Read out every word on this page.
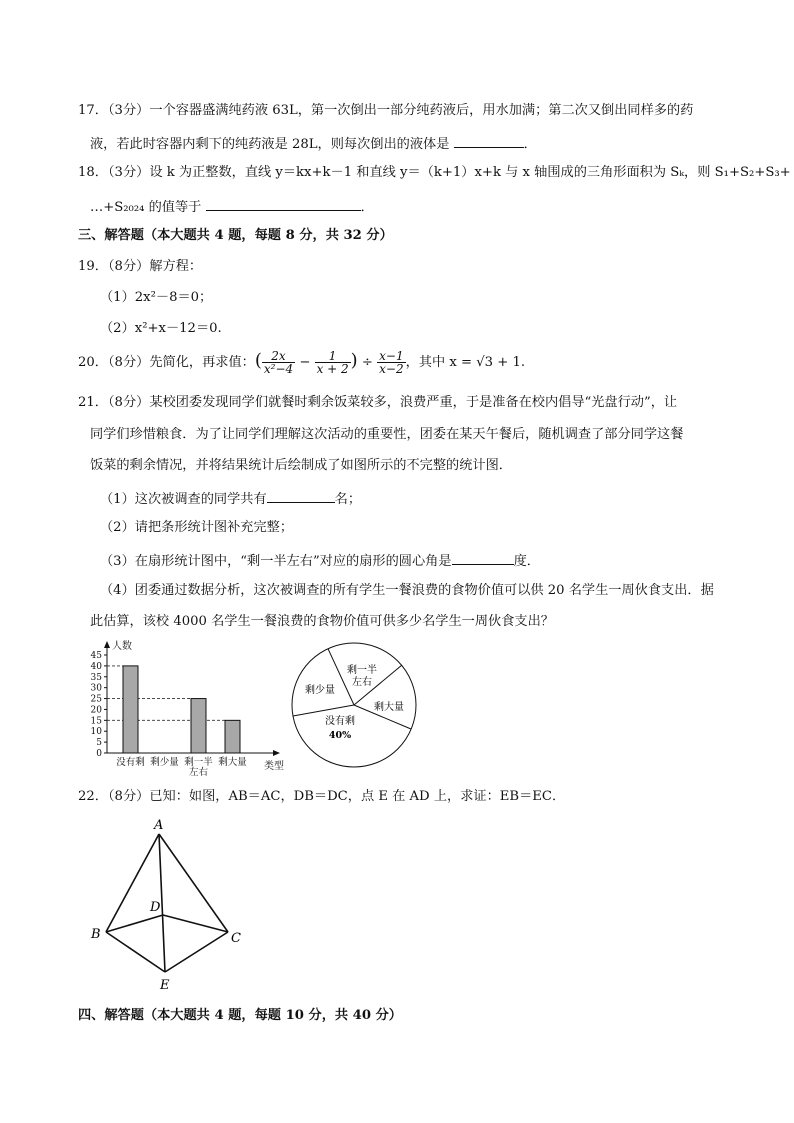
17．（3分）一个容器盛满纯药液 63L，第一次倒出一部分纯药液后，用水加满；第二次又倒出同样多的药
液，若此时容器内剩下的纯药液是 28L，则每次倒出的液体是	．
18．（3分）设 k 为正整数，直线 y＝kx+k－1 和直线 y＝（k+1）x+k 与 x 轴围成的三角形面积为 Sₖ，则 S₁+S₂+S₃+
…+S₂₀₂₄ 的值等于	．
三、解答题（本大题共 4 题，每题 8 分，共 32 分）
19．（8分）解方程：
（1）2x²－8＝0；
（2）x²+x－12＝0.
20．（8分）先简化，再求值：( $\frac{2x}{\text{x²−4}} - \frac{1}{x + 2}$ ) ÷ $\frac{x-1}{x-2}$ ，其中 x = √3 + 1.
21．（8分）某校团委发现同学们就餐时剩余饭菜较多，浪费严重，于是准备在校内倡导“光盘行动”，让
同学们珍惜粮食．为了让同学们理解这次活动的重要性，团委在某天午餐后，随机调查了部分同学这餐
饭菜的剩余情况，并将结果统计后绘制成了如图所示的不完整的统计图．
（1）这次被调查的同学共有	名；
（2）请把条形统计图补充完整；
（3）在扇形统计图中，“剩一半左右”对应的扇形的圆心角是	度．
（4）团委通过数据分析，这次被调查的所有学生一餐浪费的食物价值可以供 20 名学生一周伙食支出．据
此估算，该校 4000 名学生一餐浪费的食物价值可供多少名学生一周伙食支出？
0
5
10
15
20
25
30
35
40
45
没有剩 剩少量 剩一半 剩大量
左右
人数
类型
剩一半
左右
剩少量
剩大量
没有剩
40%
22．（8分）已知：如图，AB＝AC，DB＝DC，点 E 在 AD 上，求证：EB＝EC．
A
B	C
D
E
四、解答题（本大题共 4 题，每题 10 分，共 40 分）
